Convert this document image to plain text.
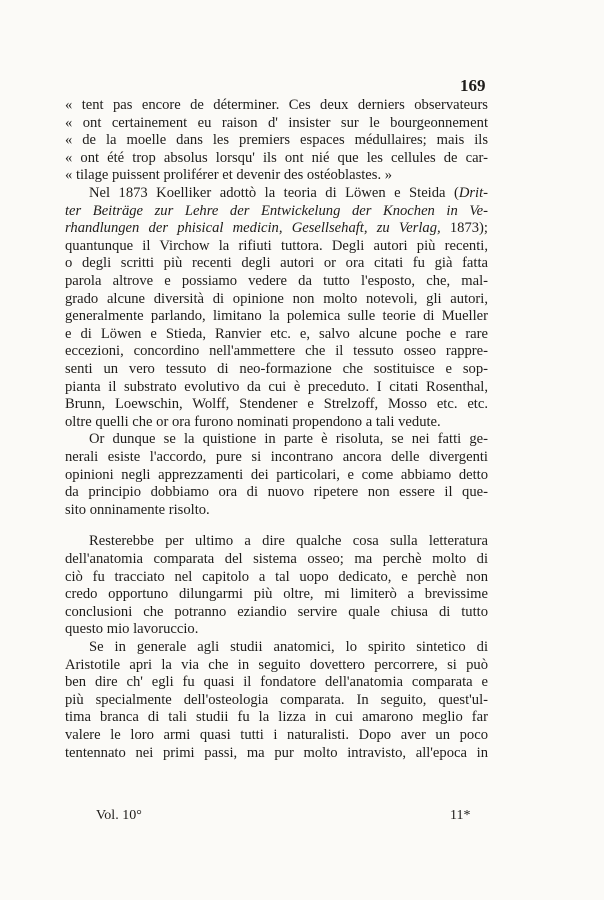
169
« tent pas encore de déterminer. Ces deux derniers observateurs
« ont certainement eu raison d' insister sur le bourgeonnement
« de la moelle dans les premiers espaces médullaires; mais ils
« ont été trop absolus lorsqu' ils ont nié que les cellules de car-
« tilage puissent proliférer et devenir des ostéoblastes. »
Nel 1873 Koelliker adottò la teoria di Löwen e Steida (Drit-
ter Beiträge zur Lehre der Entwickelung der Knochen in Ve-
rhandlungen der phisical medicin, Gesellsehaft, zu Verlag, 1873);
quantunque il Virchow la rifiuti tuttora. Degli autori più recenti,
o degli scritti più recenti degli autori or ora citati fu già fatta
parola altrove e possiamo vedere da tutto l'esposto, che, mal-
grado alcune diversità di opinione non molto notevoli, gli autori,
generalmente parlando, limitano la polemica sulle teorie di Mueller
e di Löwen e Stieda, Ranvier etc. e, salvo alcune poche e rare
eccezioni, concordino nell'ammettere che il tessuto osseo rappre-
senti un vero tessuto di neo-formazione che sostituisce e sop-
pianta il substrato evolutivo da cui è preceduto. I citati Rosenthal,
Brunn, Loewschin, Wolff, Stendener e Strelzoff, Mosso etc. etc.
oltre quelli che or ora furono nominati propendono a tali vedute.
Or dunque se la quistione in parte è risoluta, se nei fatti ge-
nerali esiste l'accordo, pure si incontrano ancora delle divergenti
opinioni negli apprezzamenti dei particolari, e come abbiamo detto
da principio dobbiamo ora di nuovo ripetere non essere il que-
sito onninamente risolto.
Resterebbe per ultimo a dire qualche cosa sulla letteratura
dell'anatomia comparata del sistema osseo; ma perchè molto di
ciò fu tracciato nel capitolo a tal uopo dedicato, e perchè non
credo opportuno dilungarmi più oltre, mi limiterò a brevissime
conclusioni che potranno eziandio servire quale chiusa di tutto
questo mio lavoruccio.
Vol. 10°	11*
Se in generale agli studii anatomici, lo spirito sintetico di
Aristotile apri la via che in seguito dovettero percorrere, si può
ben dire ch' egli fu quasi il fondatore dell'anatomia comparata e
più specialmente dell'osteologia comparata. In seguito, quest'ul-
tima branca di tali studii fu la lizza in cui amarono meglio far
valere le loro armi quasi tutti i naturalisti. Dopo aver un poco
tentennato nei primi passi, ma pur molto intravisto, all'epoca in
